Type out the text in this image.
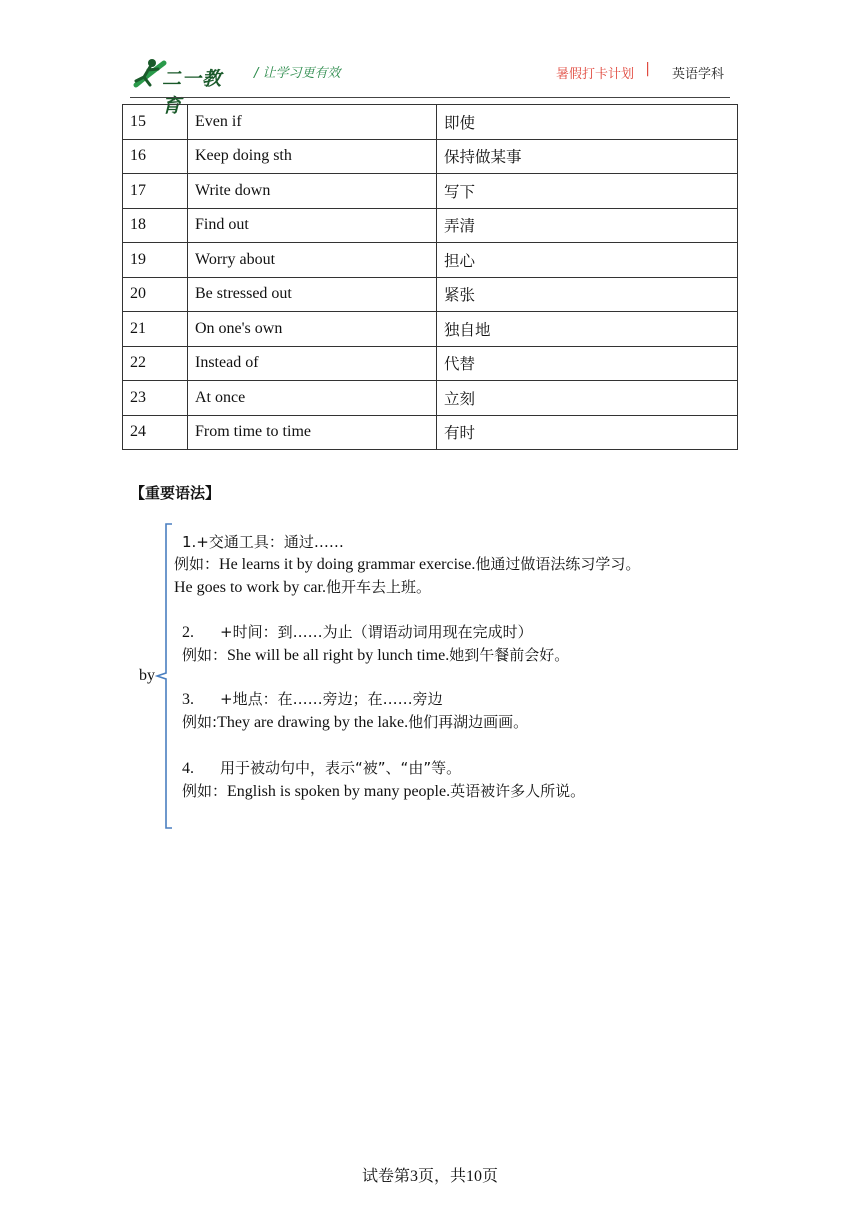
二一教育
/ 让学习更有效	暑假打卡计划 | 英语学科
15	Even if	即使
16	Keep doing sth	保持做某事
17	Write down	写下
18	Find out	弄清
19	Worry about	担心
20	Be stressed out	紧张
21	On one's own	独自地
22	Instead of	代替
23	At once	立刻
24	From time to time	有时
【重要语法】
by
1.+交通工具：通过……
例如：He learns it by doing grammar exercise.他通过做语法练习学习。
He goes to work by car.他开车去上班。
2. +时间：到……为止（谓语动词用现在完成时）
例如：She will be all right by lunch time.她到午餐前会好。
3. +地点：在……旁边；在……旁边
例如:They are drawing by the lake.他们再湖边画画。
4. 用于被动句中，表示“被”、“由”等。
例如：English is spoken by many people.英语被许多人所说。
试卷第3页，共10页
